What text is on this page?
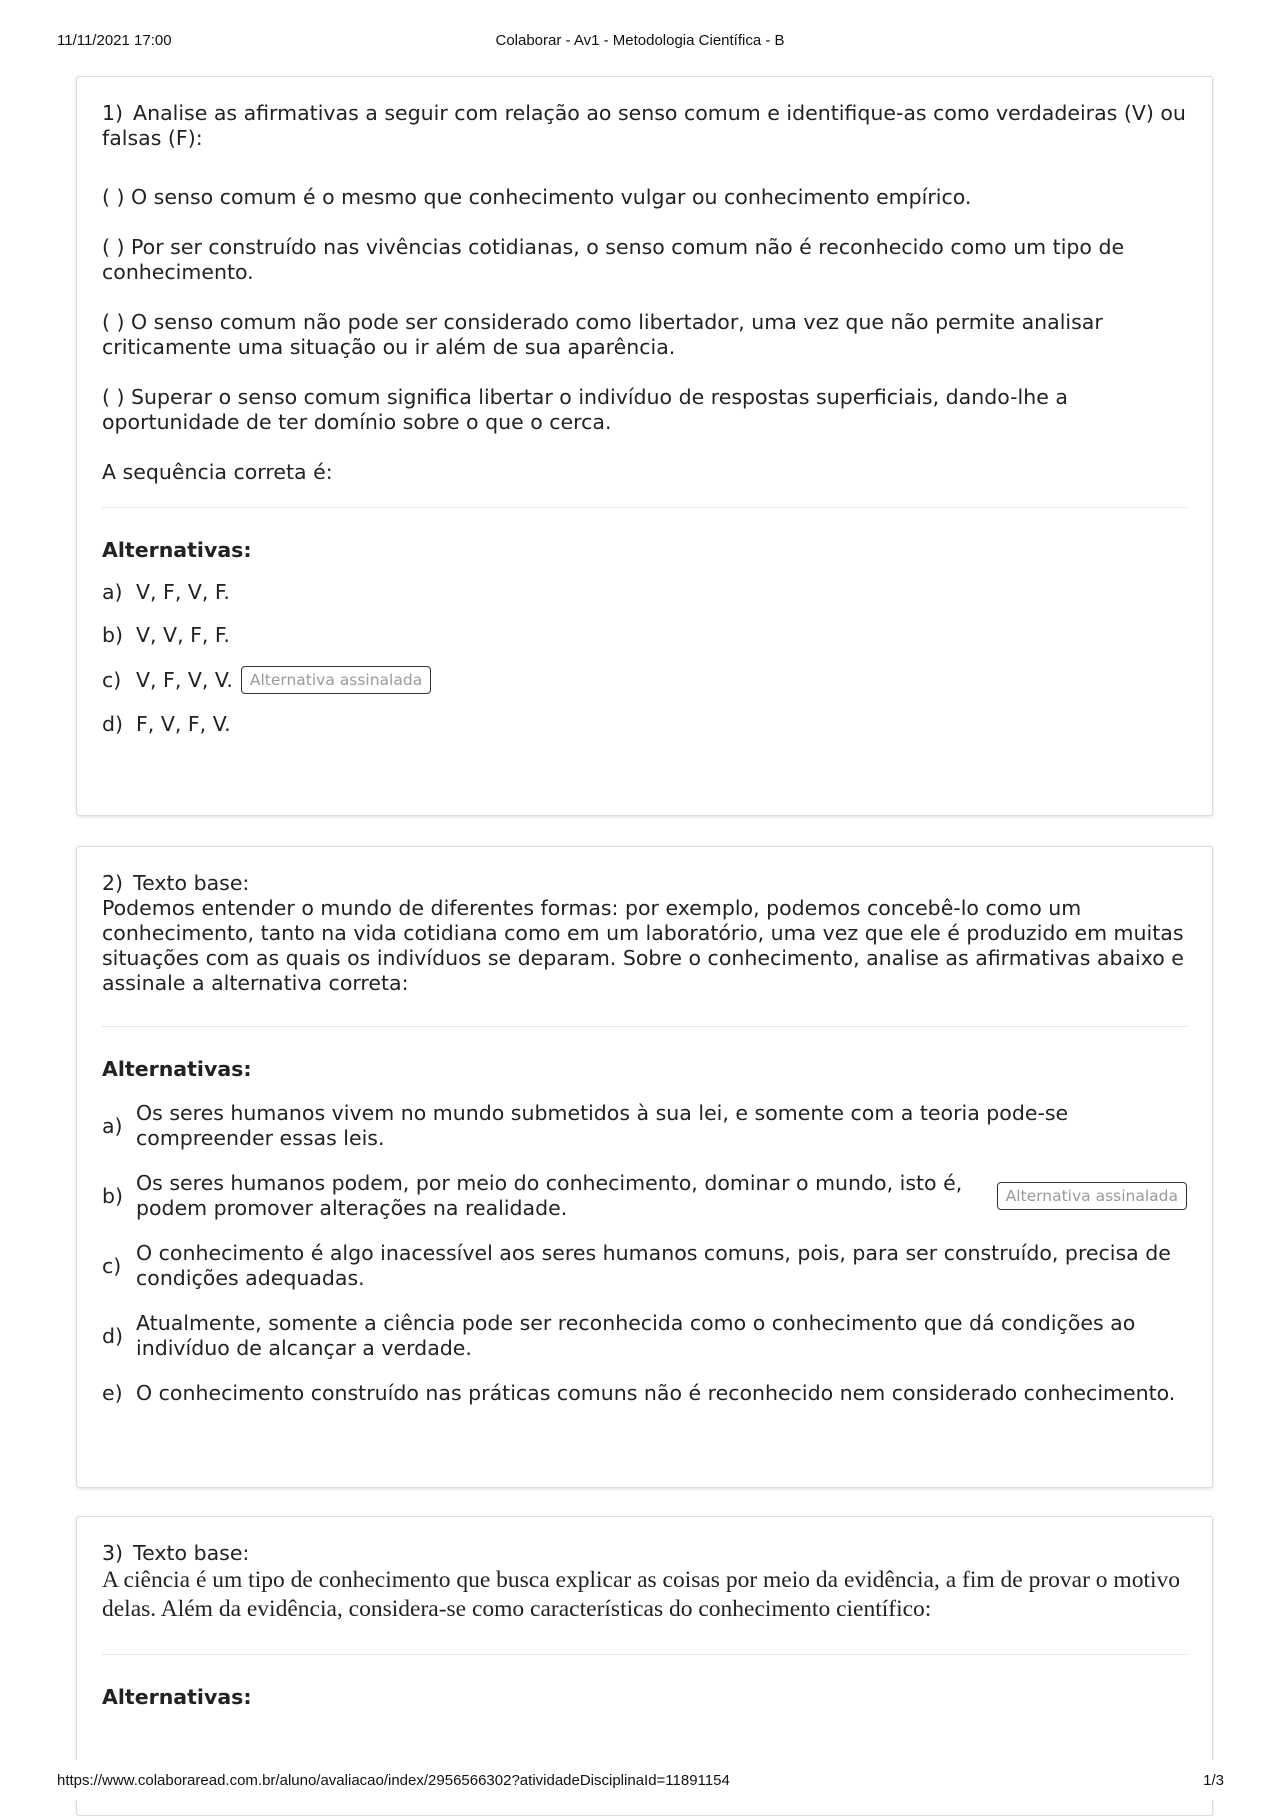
11/11/2021 17:00	Colaborar - Av1 - Metodologia Científica - B

1) Analise as afirmativas a seguir com relação ao senso comum e identifique-as como verdadeiras (V) ou falsas (F):

( ) O senso comum é o mesmo que conhecimento vulgar ou conhecimento empírico.

( ) Por ser construído nas vivências cotidianas, o senso comum não é reconhecido como um tipo de conhecimento.

( ) O senso comum não pode ser considerado como libertador, uma vez que não permite analisar criticamente uma situação ou ir além de sua aparência.

( ) Superar o senso comum significa libertar o indivíduo de respostas superficiais, dando-lhe a oportunidade de ter domínio sobre o que o cerca.

A sequência correta é:

Alternativas:

a) V, F, V, F.
b) V, V, F, F.
c) V, F, V, V.	Alternativa assinalada
d) F, V, F, V.

2) Texto base:

Podemos entender o mundo de diferentes formas: por exemplo, podemos concebê-lo como um conhecimento, tanto na vida cotidiana como em um laboratório, uma vez que ele é produzido em muitas situações com as quais os indivíduos se deparam. Sobre o conhecimento, analise as afirmativas abaixo e assinale a alternativa correta:

Alternativas:

a)
Os seres humanos vivem no mundo submetidos à sua lei, e somente com a teoria pode-se compreender essas leis.
b)
Os seres humanos podem, por meio do conhecimento, dominar o mundo, isto é, podem promover alterações na realidade.	Alternativa assinalada
c)
O conhecimento é algo inacessível aos seres humanos comuns, pois, para ser construído, precisa de condições adequadas.
d)
Atualmente, somente a ciência pode ser reconhecida como o conhecimento que dá condições ao indivíduo de alcançar a verdade.
e) O conhecimento construído nas práticas comuns não é reconhecido nem considerado conhecimento.

3) Texto base:

A ciência é um tipo de conhecimento que busca explicar as coisas por meio da evidência, a fim de provar o motivo delas. Além da evidência, considera-se como características do conhecimento científico:

Alternativas:

https://www.colaboraread.com.br/aluno/avaliacao/index/2956566302?atividadeDisciplinaId=11891154	1/3
